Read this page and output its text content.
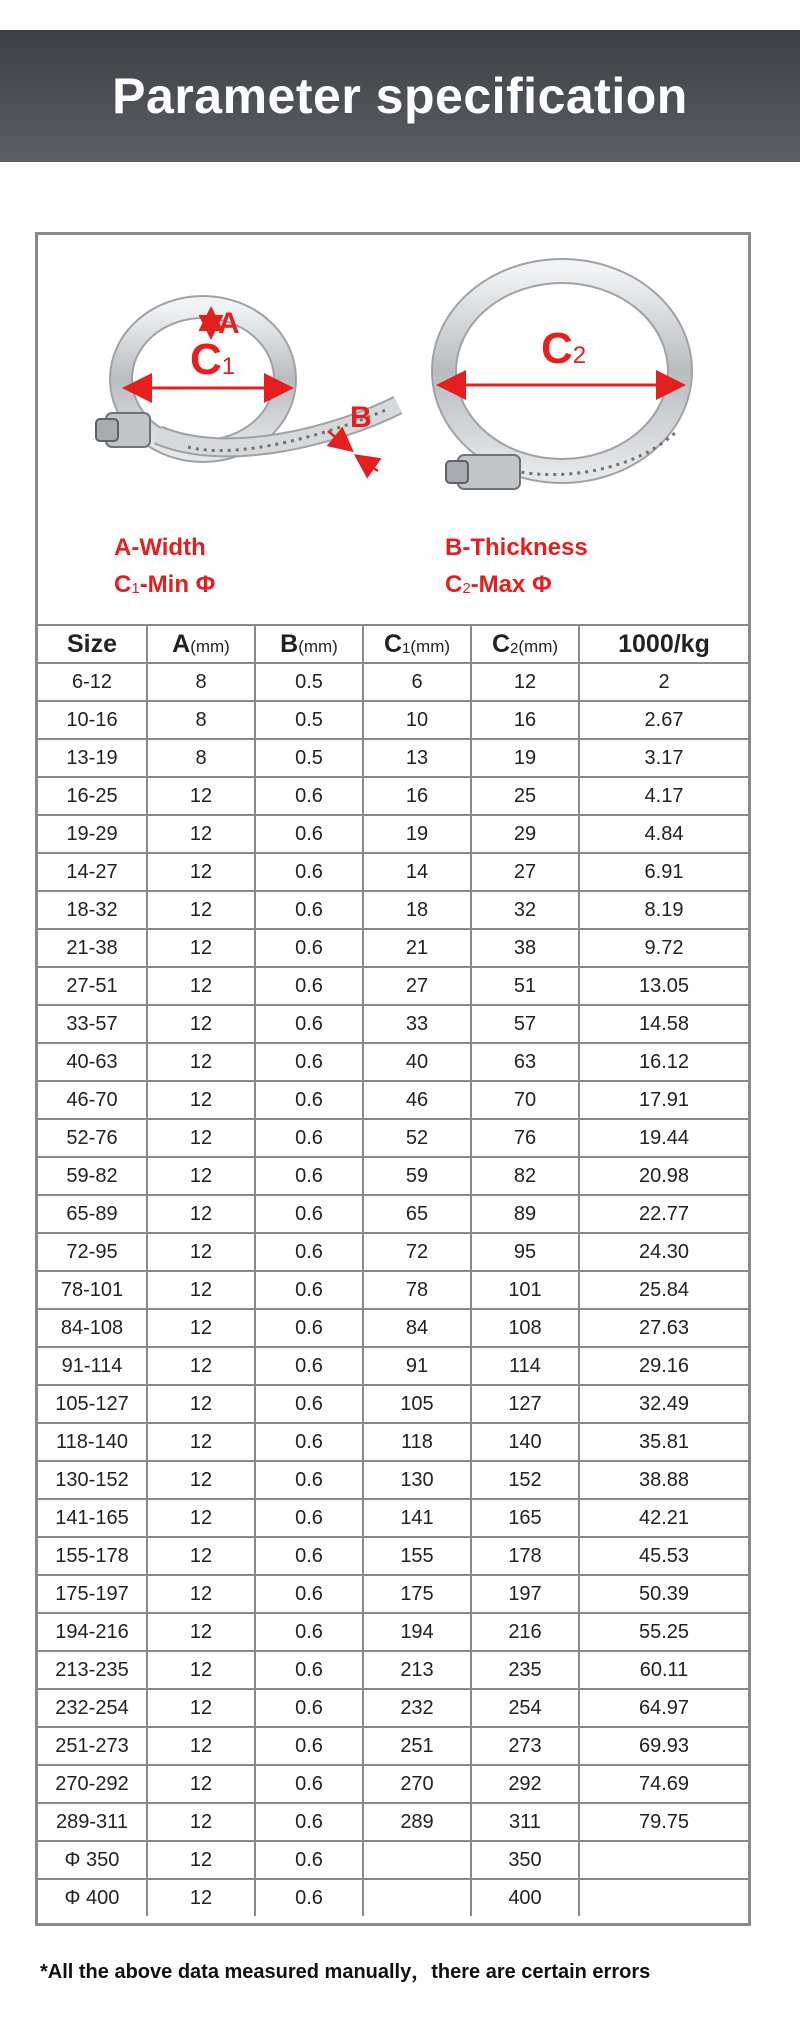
Parameter specification
C1
A
B
C2
A-Width
$C_1$-Min Φ
B-Thickness
$C_2$-Max Φ
Size	A(mm)	B(mm)	$C_1(mm)$	$C_2(mm)$	1000/kg
6-12	8	0.5	6	12	2
10-16	8	0.5	10	16	2.67
13-19	8	0.5	13	19	3.17
16-25	12	0.6	16	25	4.17
19-29	12	0.6	19	29	4.84
14-27	12	0.6	14	27	6.91
18-32	12	0.6	18	32	8.19
21-38	12	0.6	21	38	9.72
27-51	12	0.6	27	51	13.05
33-57	12	0.6	33	57	14.58
40-63	12	0.6	40	63	16.12
46-70	12	0.6	46	70	17.91
52-76	12	0.6	52	76	19.44
59-82	12	0.6	59	82	20.98
65-89	12	0.6	65	89	22.77
72-95	12	0.6	72	95	24.30
78-101	12	0.6	78	101	25.84
84-108	12	0.6	84	108	27.63
91-114	12	0.6	91	114	29.16
105-127	12	0.6	105	127	32.49
118-140	12	0.6	118	140	35.81
130-152	12	0.6	130	152	38.88
141-165	12	0.6	141	165	42.21
155-178	12	0.6	155	178	45.53
175-197	12	0.6	175	197	50.39
194-216	12	0.6	194	216	55.25
213-235	12	0.6	213	235	60.11
232-254	12	0.6	232	254	64.97
251-273	12	0.6	251	273	69.93
270-292	12	0.6	270	292	74.69
289-311	12	0.6	289	311	79.75
Φ 350	12	0.6		350	
Φ 400	12	0.6		400	
*All the above data measured manually，there are certain errors
